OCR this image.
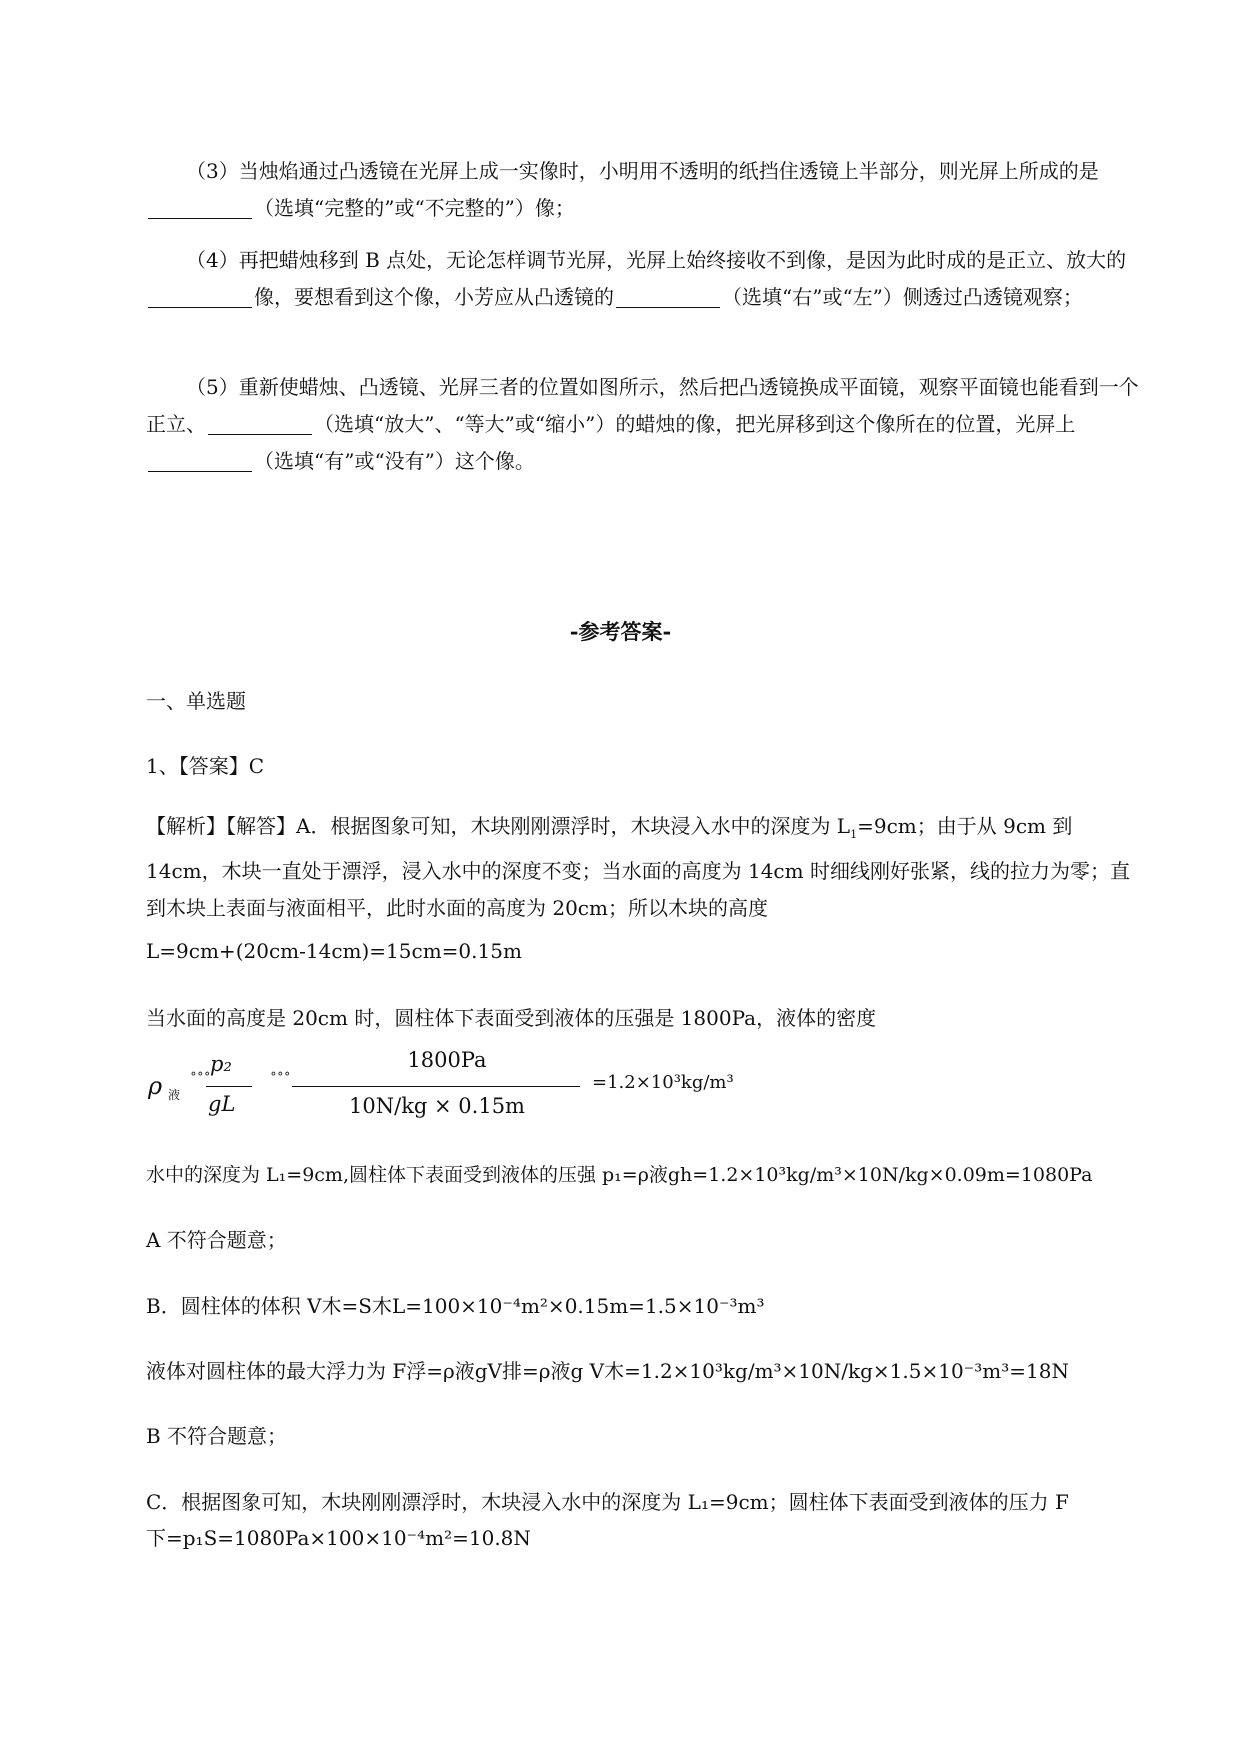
（3）当烛焰通过凸透镜在光屏上成一实像时，小明用不透明的纸挡住透镜上半部分，则光屏上所成的是（选填“完整的”或“不完整的”）像；
（4）再把蜡烛移到 B 点处，无论怎样调节光屏，光屏上始终接收不到像，是因为此时成的是正立、放大的像，要想看到这个像，小芳应从凸透镜的	（选填“右”或“左”）侧透过凸透镜观察；
（5）重新使蜡烛、凸透镜、光屏三者的位置如图所示，然后把凸透镜换成平面镜，观察平面镜也能看到一个正立、	（选填“放大”、“等大”或“缩小”）的蜡烛的像，把光屏移到这个像所在的位置，光屏上（选填“有”或“没有”）这个像。
-参考答案-
一、单选题
1、【答案】C
【解析】【解答】A．根据图象可知，木块刚刚漂浮时，木块浸入水中的深度为 $L_1=9cm$；由于从 9cm 到 14cm，木块一直处于漂浮，浸入水中的深度不变；当水面的高度为 14cm 时细线刚好张紧，线的拉力为零；直到木块上表面与液面相平，此时水面的高度为 20cm；所以木块的高度
L=9cm+(20cm-14cm)=15cm=0.15m
当水面的高度是 20cm 时，圆柱体下表面受到液体的压强是 1800Pa，液体的密度
ρ 液
∘∘∘ p₂
gL
∘∘∘
1800Pa
10N/kg × 0.15m
=1.2×10³kg/m³
水中的深度为 L₁=9cm,圆柱体下表面受到液体的压强 p₁=ρ液gh=1.2×10³kg/m³×10N/kg×0.09m=1080Pa
A 不符合题意；
B．圆柱体的体积 V木=S木L=100×10⁻⁴m²×0.15m=1.5×10⁻³m³
液体对圆柱体的最大浮力为 F浮=ρ液gV排=ρ液g V木=1.2×10³kg/m³×10N/kg×1.5×10⁻³m³=18N
B 不符合题意；
C．根据图象可知，木块刚刚漂浮时，木块浸入水中的深度为 L₁=9cm；圆柱体下表面受到液体的压力 F
下=p₁S=1080Pa×100×10⁻⁴m²=10.8N
